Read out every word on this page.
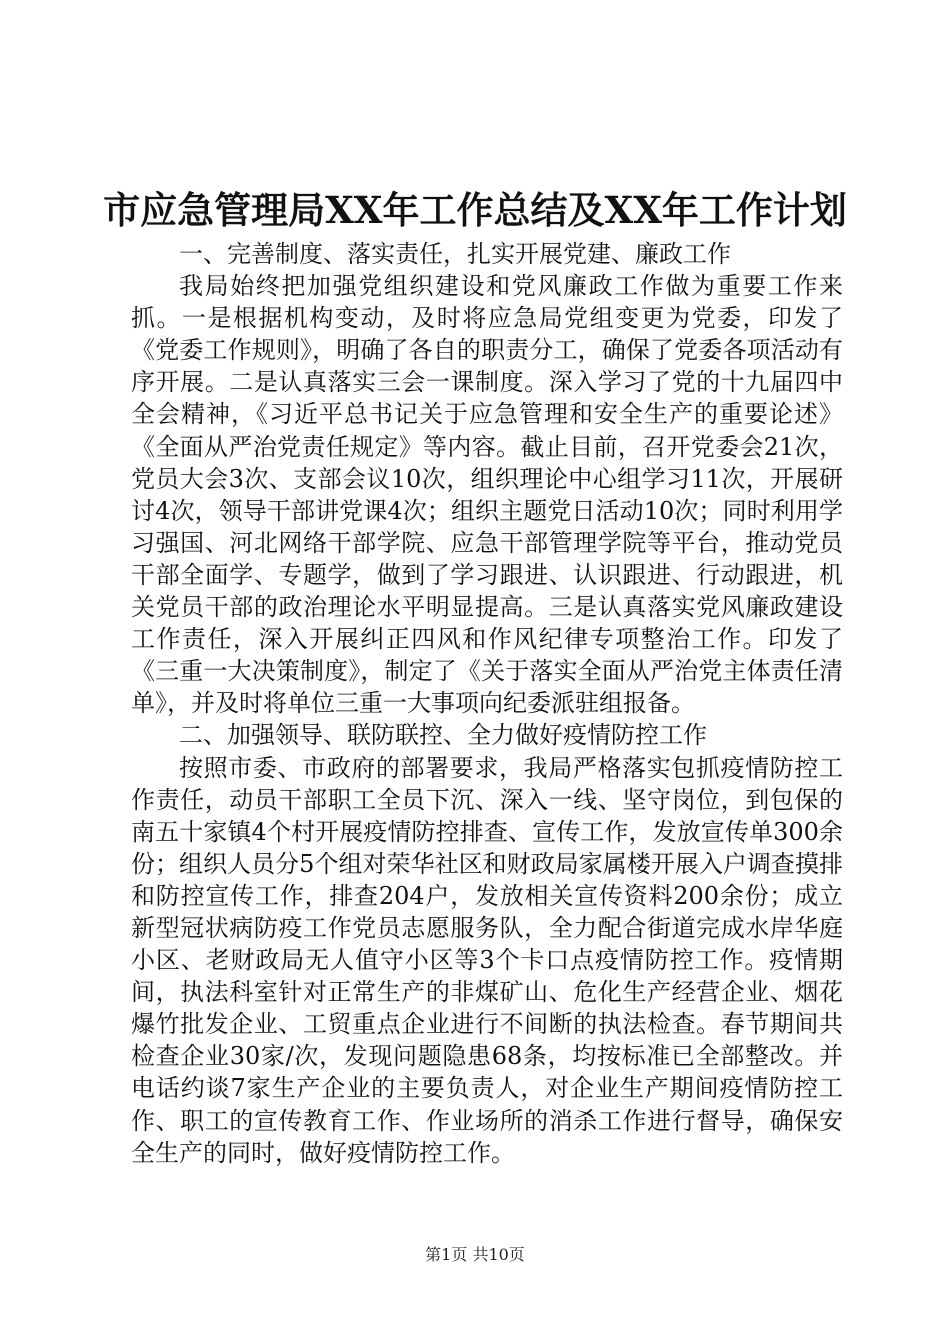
市应急管理局XX年工作总结及XX年工作计划

一、完善制度、落实责任，扎实开展党建、廉政工作

我局始终把加强党组织建设和党风廉政工作做为重要工作来抓。一是根据机构变动，及时将应急局党组变更为党委，印发了《党委工作规则》，明确了各自的职责分工，确保了党委各项活动有序开展。二是认真落实三会一课制度。深入学习了党的十九届四中全会精神，《习近平总书记关于应急管理和安全生产的重要论述》《全面从严治党责任规定》等内容。截止目前，召开党委会21次，党员大会3次、支部会议10次，组织理论中心组学习11次，开展研讨4次，领导干部讲党课4次；组织主题党日活动10次；同时利用学习强国、河北网络干部学院、应急干部管理学院等平台，推动党员干部全面学、专题学，做到了学习跟进、认识跟进、行动跟进，机关党员干部的政治理论水平明显提高。三是认真落实党风廉政建设工作责任，深入开展纠正四风和作风纪律专项整治工作。印发了《三重一大决策制度》，制定了《关于落实全面从严治党主体责任清单》，并及时将单位三重一大事项向纪委派驻组报备。

二、加强领导、联防联控、全力做好疫情防控工作

按照市委、市政府的部署要求，我局严格落实包抓疫情防控工作责任，动员干部职工全员下沉、深入一线、坚守岗位，到包保的南五十家镇4个村开展疫情防控排查、宣传工作，发放宣传单300余份；组织人员分5个组对荣华社区和财政局家属楼开展入户调查摸排和防控宣传工作，排查204户，发放相关宣传资料200余份；成立新型冠状病防疫工作党员志愿服务队，全力配合街道完成水岸华庭小区、老财政局无人值守小区等3个卡口点疫情防控工作。疫情期间，执法科室针对正常生产的非煤矿山、危化生产经营企业、烟花爆竹批发企业、工贸重点企业进行不间断的执法检查。春节期间共检查企业30家/次，发现问题隐患68条，均按标准已全部整改。并电话约谈7家生产企业的主要负责人，对企业生产期间疫情防控工作、职工的宣传教育工作、作业场所的消杀工作进行督导，确保安全生产的同时，做好疫情防控工作。

第1页 共10页
